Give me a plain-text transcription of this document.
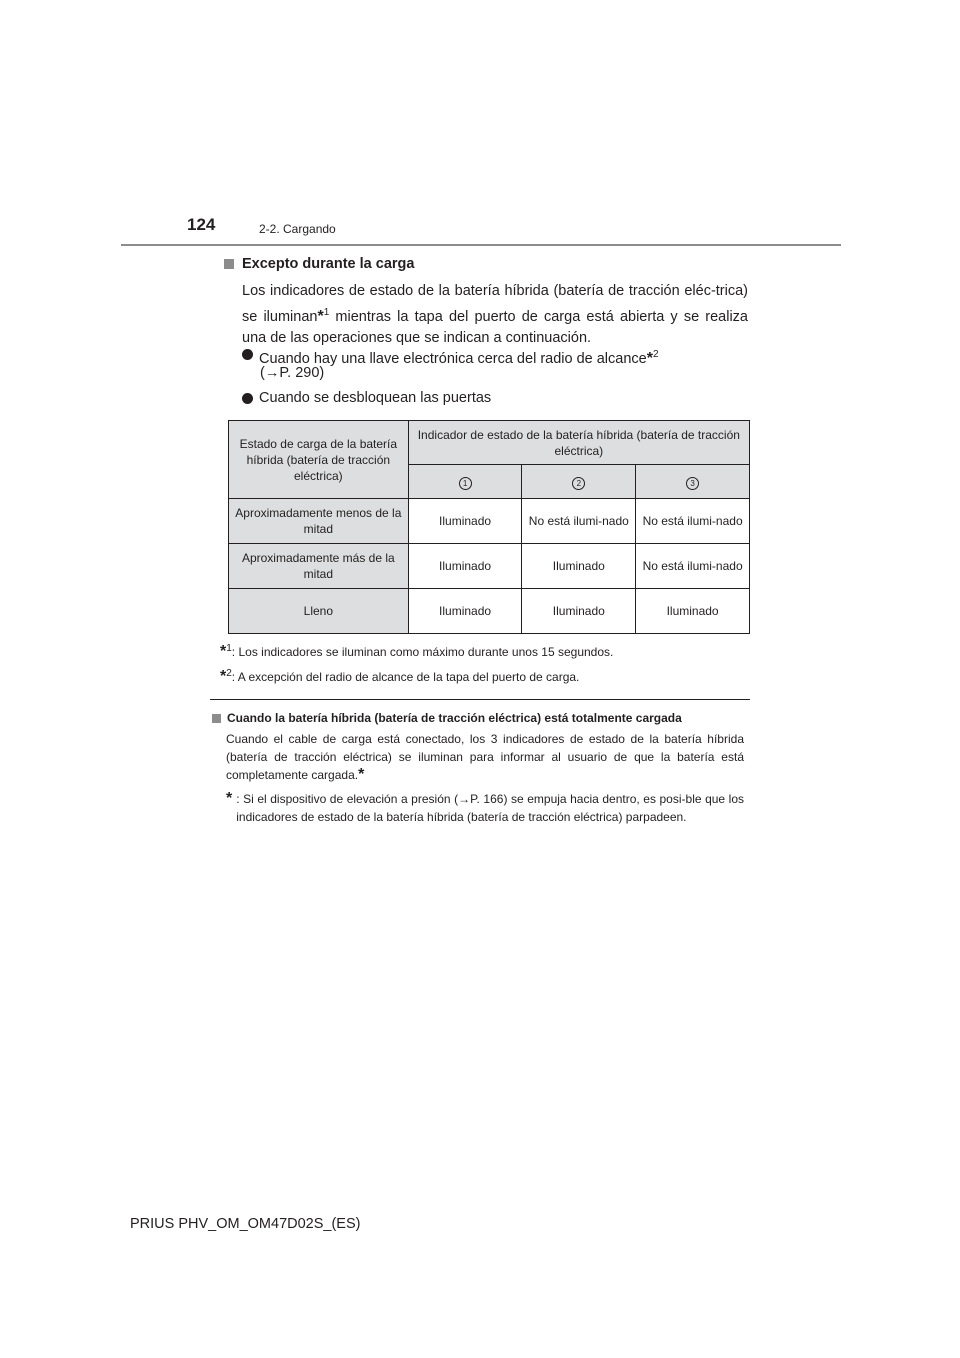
124	2-2. Cargando
Excepto durante la carga
Los indicadores de estado de la batería híbrida (batería de tracción eléc-trica) se iluminan*$^1$ mientras la tapa del puerto de carga está abierta y se realiza una de las operaciones que se indican a continuación.
Cuando hay una llave electrónica cerca del radio de alcance*$^2$
(→P. 290)
Cuando se desbloquean las puertas
Estado de carga de la batería híbrida (batería de tracción eléctrica)	Indicador de estado de la batería híbrida (batería de tracción eléctrica)		
	1	2	3
Aproximadamente menos de la mitad	Iluminado	No está ilumi-nado	No está ilumi-nado
Aproximadamente más de la mitad	Iluminado	Iluminado	No está ilumi-nado
Lleno	Iluminado	Iluminado	Iluminado
*$^1$: Los indicadores se iluminan como máximo durante unos 15 segundos.
*$^2$: A excepción del radio de alcance de la tapa del puerto de carga.
Cuando la batería híbrida (batería de tracción eléctrica) está totalmente cargada
Cuando el cable de carga está conectado, los 3 indicadores de estado de la batería híbrida (batería de tracción eléctrica) se iluminan para informar al usuario de que la batería está completamente cargada.*
* : Si el dispositivo de elevación a presión (→P. 166) se empuja hacia dentro, es posi-ble que los indicadores de estado de la batería híbrida (batería de tracción eléctrica) parpadeen.
PRIUS PHV_OM_OM47D02S_(ES)
